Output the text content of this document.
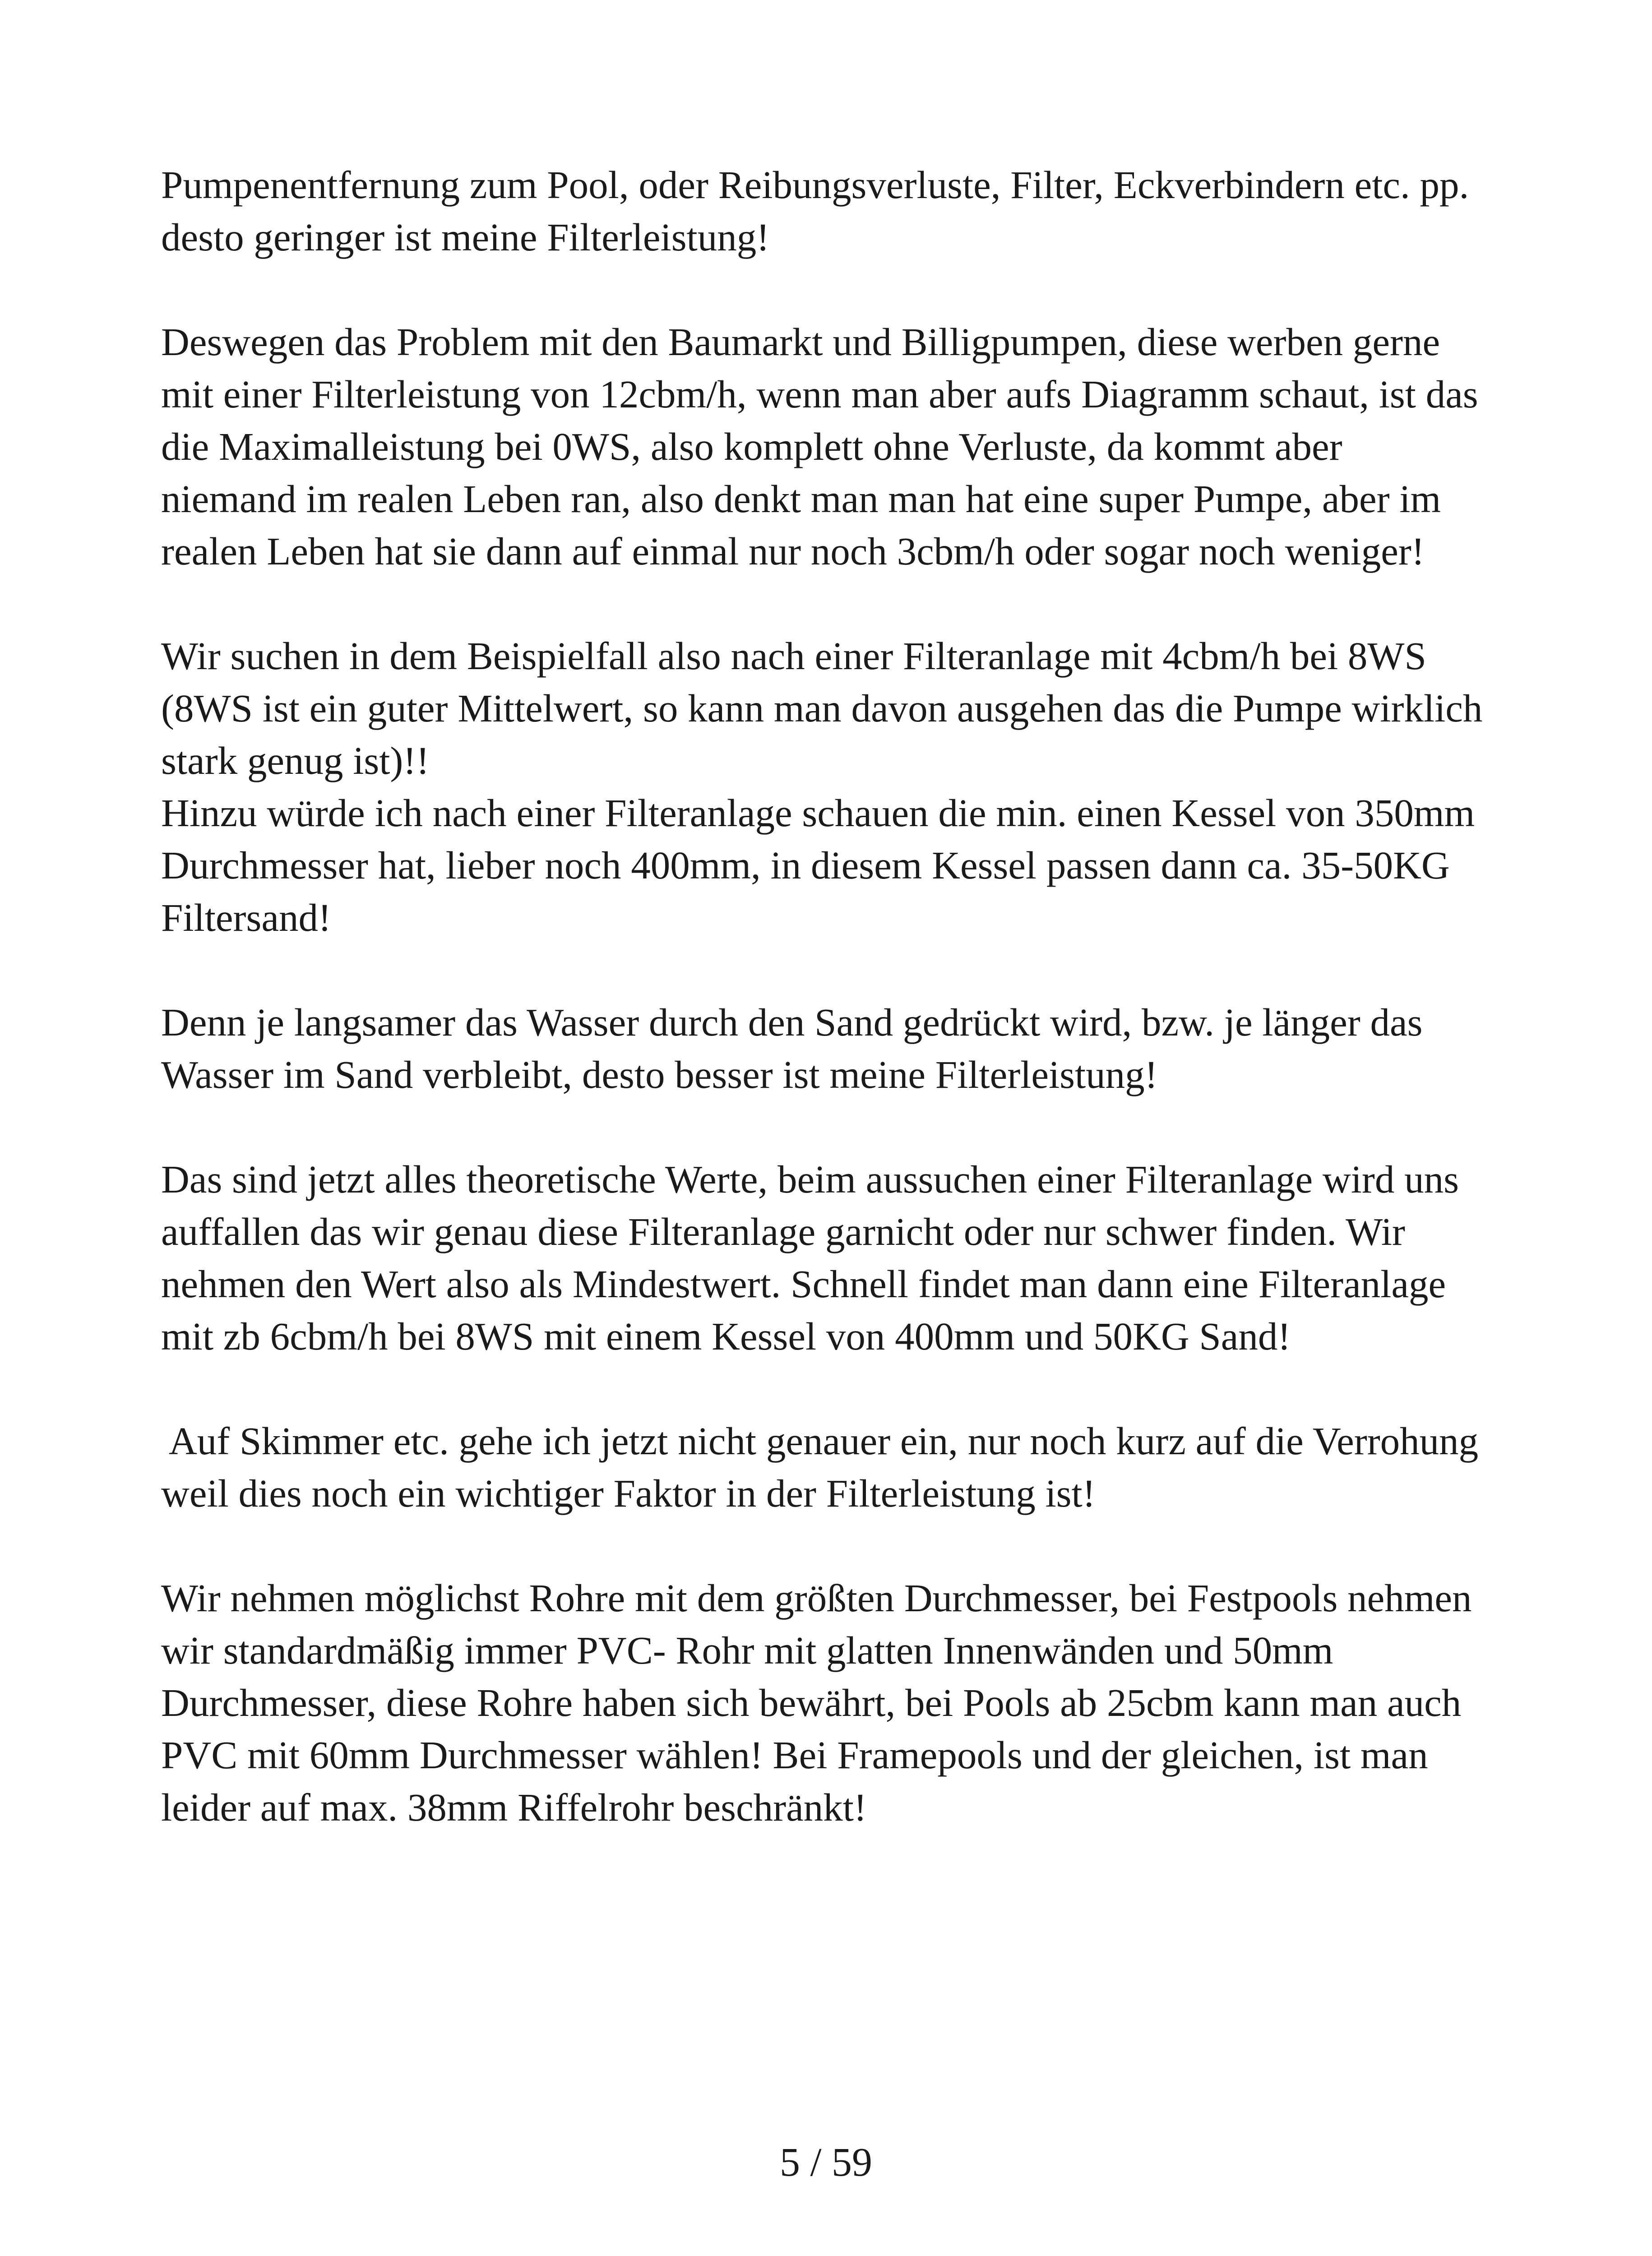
Pumpenentfernung zum Pool, oder Reibungsverluste, Filter, Eckverbindern etc. pp.
desto geringer ist meine Filterleistung!
Deswegen das Problem mit den Baumarkt und Billigpumpen, diese werben gerne
mit einer Filterleistung von 12cbm/h, wenn man aber aufs Diagramm schaut, ist das
die Maximalleistung bei 0WS, also komplett ohne Verluste, da kommt aber
niemand im realen Leben ran, also denkt man man hat eine super Pumpe, aber im
realen Leben hat sie dann auf einmal nur noch 3cbm/h oder sogar noch weniger!
Wir suchen in dem Beispielfall also nach einer Filteranlage mit 4cbm/h bei 8WS
(8WS ist ein guter Mittelwert, so kann man davon ausgehen das die Pumpe wirklich
stark genug ist)!!
Hinzu würde ich nach einer Filteranlage schauen die min. einen Kessel von 350mm
Durchmesser hat, lieber noch 400mm, in diesem Kessel passen dann ca. 35-50KG
Filtersand!
Denn je langsamer das Wasser durch den Sand gedrückt wird, bzw. je länger das
Wasser im Sand verbleibt, desto besser ist meine Filterleistung!
Das sind jetzt alles theoretische Werte, beim aussuchen einer Filteranlage wird uns
auffallen das wir genau diese Filteranlage garnicht oder nur schwer finden. Wir
nehmen den Wert also als Mindestwert. Schnell findet man dann eine Filteranlage
mit zb 6cbm/h bei 8WS mit einem Kessel von 400mm und 50KG Sand!
Auf Skimmer etc. gehe ich jetzt nicht genauer ein, nur noch kurz auf die Verrohung
weil dies noch ein wichtiger Faktor in der Filterleistung ist!
Wir nehmen möglichst Rohre mit dem größten Durchmesser, bei Festpools nehmen
wir standardmäßig immer PVC- Rohr mit glatten Innenwänden und 50mm
Durchmesser, diese Rohre haben sich bewährt, bei Pools ab 25cbm kann man auch
PVC mit 60mm Durchmesser wählen! Bei Framepools und der gleichen, ist man
leider auf max. 38mm Riffelrohr beschränkt!
5 / 59
